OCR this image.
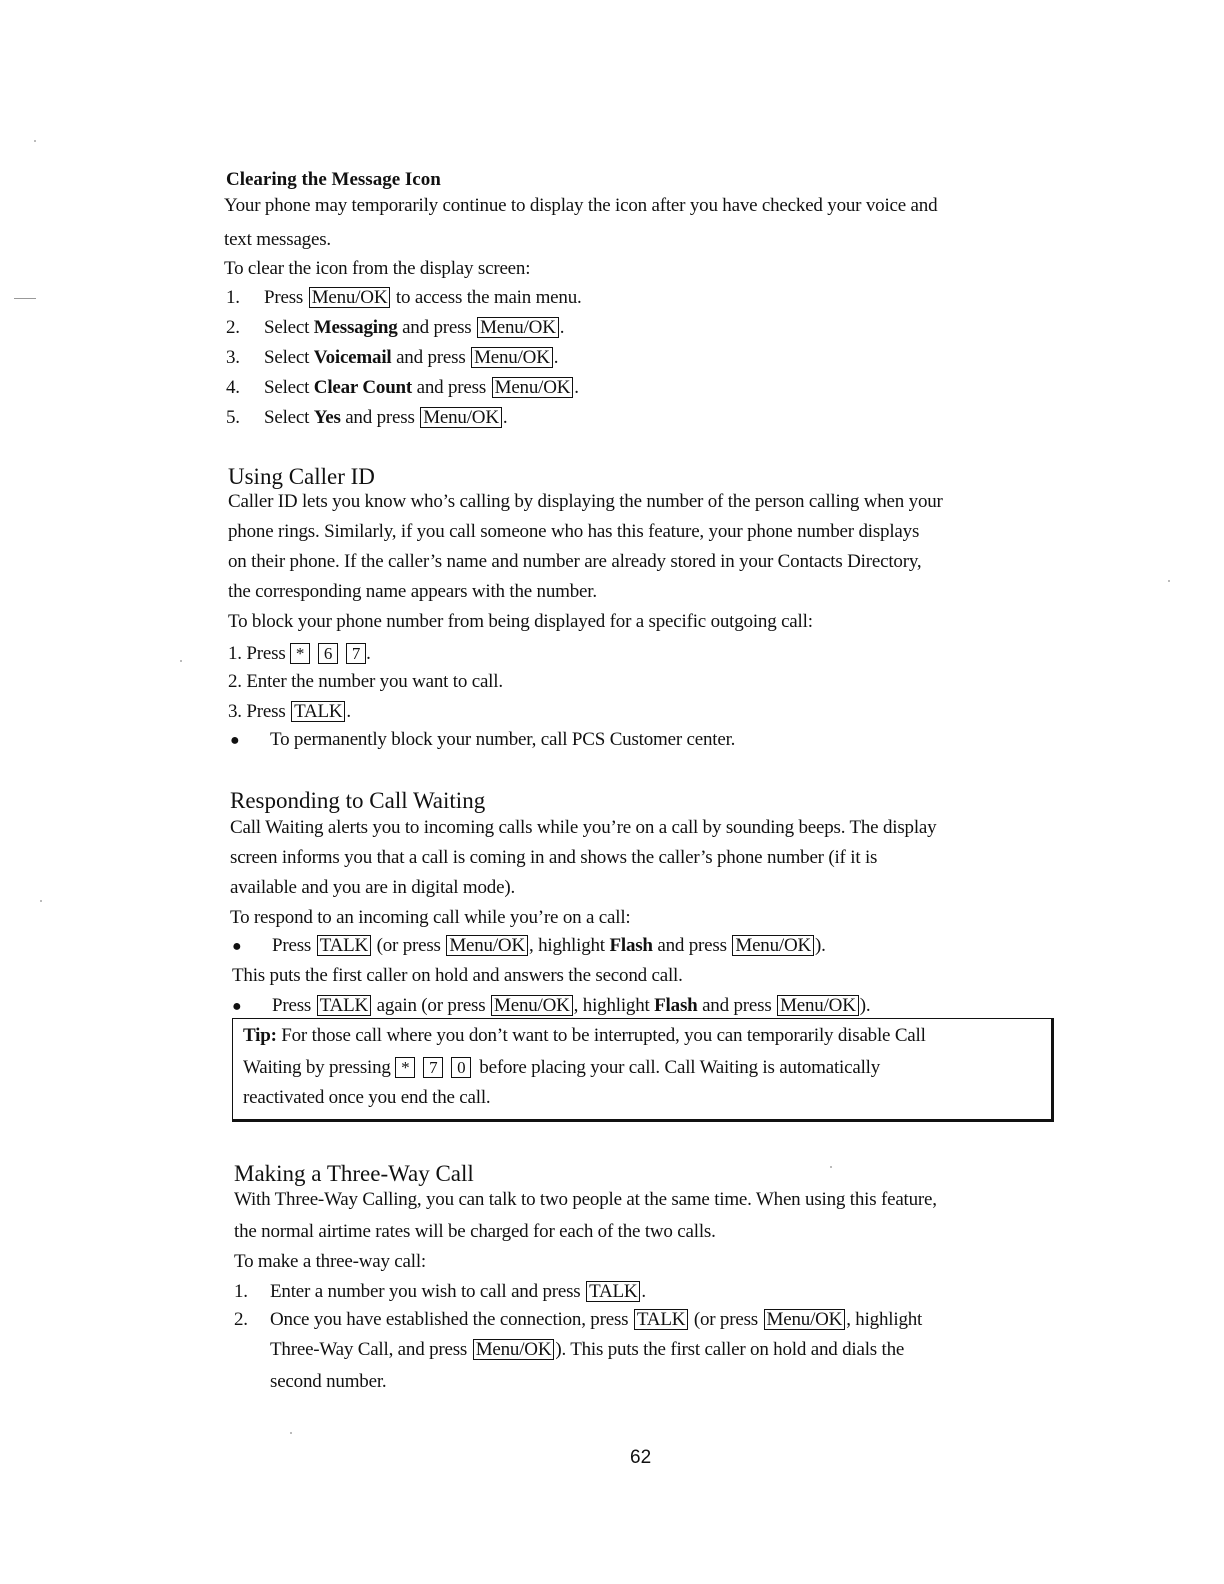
Clearing the Message Icon
Your phone may temporarily continue to display the icon after you have checked your voice and
text messages.
To clear the icon from the display screen:
1. Press Menu/OK to access the main menu.
2. Select Messaging and press Menu/OK .
3. Select Voicemail and press Menu/OK .
4. Select Clear Count and press Menu/OK .
5. Select Yes and press Menu/OK .
Using Caller ID
Caller ID lets you know who’s calling by displaying the number of the person calling when your
phone rings. Similarly, if you call someone who has this feature, your phone number displays
on their phone. If the caller’s name and number are already stored in your Contacts Directory,
the corresponding name appears with the number.
To block your phone number from being displayed for a specific outgoing call:
1. Press * 6 7 .
2. Enter the number you want to call.
3. Press TALK .
● To permanently block your number, call PCS Customer center.
Responding to Call Waiting
Call Waiting alerts you to incoming calls while you’re on a call by sounding beeps. The display
screen informs you that a call is coming in and shows the caller’s phone number (if it is
available and you are in digital mode).
To respond to an incoming call while you’re on a call:
● Press TALK (or press Menu/OK , highlight Flash and press Menu/OK ).
This puts the first caller on hold and answers the second call.
● Press TALK again (or press Menu/OK , highlight Flash and press Menu/OK ).
Tip: For those call where you don’t want to be interrupted, you can temporarily disable Call
Waiting by pressing * 7 0 before placing your call. Call Waiting is automatically
reactivated once you end the call.
Making a Three-Way Call
With Three-Way Calling, you can talk to two people at the same time. When using this feature,
the normal airtime rates will be charged for each of the two calls.
To make a three-way call:
1. Enter a number you wish to call and press TALK .
2. Once you have established the connection, press TALK (or press Menu/OK , highlight
Three-Way Call, and press Menu/OK ). This puts the first caller on hold and dials the
second number.
62
